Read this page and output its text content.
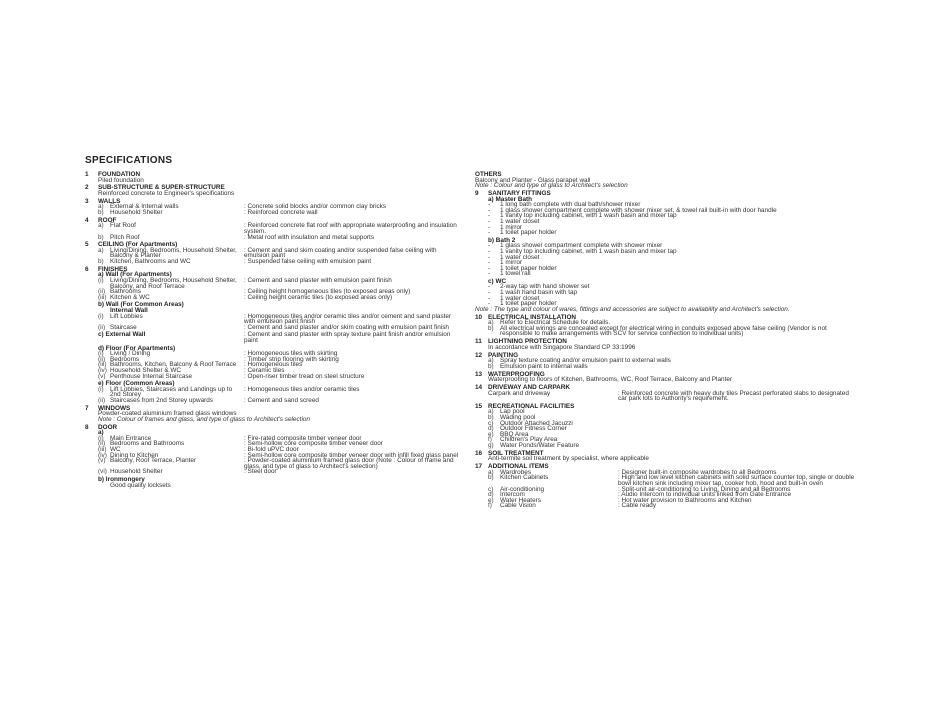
SPECIFICATIONS
1 FOUNDATION
Piled foundation
2 SUB-STRUCTURE & SUPER-STRUCTURE
Reinforced concrete to Engineer's specifications
3 WALLS
a) External & Internal walls	: Concrete solid blocks and/or common clay bricks
b) Household Shelter	: Reinforced concrete wall
4 ROOF
a) Flat Roof	: Reinforced concrete flat roof with appropriate waterproofing and insulation system.
b) Pitch Roof	: Metal roof with insulation and metal supports
5 CEILING (For Apartments)
a) Living/Dining, Bedrooms, Household Shelter, Balcony & Planter
: Cement and sand skim coating and/or suspended false ceiling with emulsion paint
b) Kitchen, Bathrooms and WC	: Suspended false ceiling with emulsion paint
6 FINISHES
a) Wall (For Apartments)
(i) Living/Dining, Bedrooms, Household Shelter, Balcony, and Roof Terrace
: Cement and sand plaster with emulsion paint finish
(ii) Bathrooms	: Ceiling height homogeneous tiles (to exposed areas only)
(iii) Kitchen & WC	: Ceiling height ceramic tiles (to exposed areas only)
b) Wall (For Common Areas)
Internal Wall
(i) Lift Lobbies	: Homogeneous tiles and/or ceramic tiles and/or cement and sand plaster with emulsion paint finish
(ii) Staircase	: Cement and sand plaster and/or skim coating with emulsion paint finish
c) External Wall	: Cement and sand plaster with spray texture paint finish and/or emulsion paint
d) Floor (For Apartments)
(i) Living / Dining	: Homogeneous tiles with skirting
(ii) Bedrooms	: Timber strip flooring with skirting
(iii) Bathrooms, Kitchen, Balcony & Roof Terrace	: Homogeneous tiles
(iv) Household Shelter & WC	: Ceramic tiles
(v) Penthouse Internal Staircase	: Open-riser timber tread on steel structure
e) Floor (Common Areas)
(i) Lift Lobbies, Staircases and Landings up to 2nd Storey
: Homogeneous tiles and/or ceramic tiles
(ii) Staircases from 2nd Storey upwards	: Cement and sand screed
7 WINDOWS
Powder-coated aluminium framed glass windows
Note : Colour of frames and glass, and type of glass to Architect's selection
8 DOOR
a)
(i) Main Entrance	: Fire-rated composite timber veneer door
(ii) Bedrooms and Bathrooms	: Semi-hollow core composite timber veneer door
(iii) WC	: Bi-fold uPVC door
(iv) Dining to Kitchen	: Semi-hollow core composite timber veneer door with infill fixed glass panel
(v) Balcony, Roof Terrace, Planter	: Powder-coated aluminium framed glass door (Note : Colour of frame and glass, and type of glass to Architect's selection)
(vi) Household Shelter	: Steel door
b) Ironmongery
Good quality locksets
OTHERS
Balcony and Planter - Glass parapet wall
Note : Colour and type of glass to Architect's selection
9 SANITARY FITTINGS
a) Master Bath
-	1 long bath complete with dual bath/shower mixer
-	1 glass shower compartment complete with shower mixer set, & towel rail built-in with door handle
-	1 vanity top including cabinet, with 1 wash basin and mixer tap
-	1 water closet
-	1 mirror
-	1 toilet paper holder
b) Bath 2
-	1 glass shower compartment complete with shower mixer
-	1 vanity top including cabinet, with 1 wash basin and mixer tap
-	1 water closet
-	1 mirror
-	1 toilet paper holder
-	1 towel rail
c) WC
-	2-way tap with hand shower set
-	1 wash hand basin with tap
-	1 water closet
-	1 toilet paper holder
Note : The type and colour of wares, fittings and accessories are subject to availability and Architect's selection.
10 ELECTRICAL INSTALLATION
a) Refer to Electrical Schedule for details.
b) All electrical wirings are concealed except for electrical wiring in conduits exposed above false ceiling (Vendor is not responsible to make arrangements with SCV for service connection to individual units)
11 LIGHTNING PROTECTION
In accordance with Singapore Standard CP 33:1996
12 PAINTING
a) Spray texture coating and/or emulsion paint to external walls
b) Emulsion paint to internal walls
13 WATERPROOFING
Waterproofing to floors of Kitchen, Bathrooms, WC, Roof Terrace, Balcony and Planter
14 DRIVEWAY AND CARPARK
Carpark and driveway	: Reinforced concrete with heavy duty tiles Precast perforated slabs to designated car park lots to Authority's requirement.
15 RECREATIONAL FACILITIES
a) Lap pool
b) Wading pool
c)	Outdoor Attached Jacuzzi
d) Outdoor Fitness Corner
e) BBQ Area
f)	Children's Play Area
g) Water Ponds/Water Feature
16 SOIL TREATMENT
Anti-termite soil treatment by specialist, where applicable
17 ADDITIONAL ITEMS
a) Wardrobes	: Designer built-in composite wardrobes to all Bedrooms
b) Kitchen Cabinets	: High and low level kitchen cabinets with solid surface counter top, single or double bowl kitchen sink including mixer tap, cooker hob, hood and built-in oven
c)	Air-conditioning	: Split-unit air-conditioning to Living, Dining and all Bedrooms
d) Intercom	: Audio Intercom to individual units linked from Gate Entrance
e) Water Heaters	: Hot water provision to Bathrooms and Kitchen
f)	Cable Vision	: Cable ready
